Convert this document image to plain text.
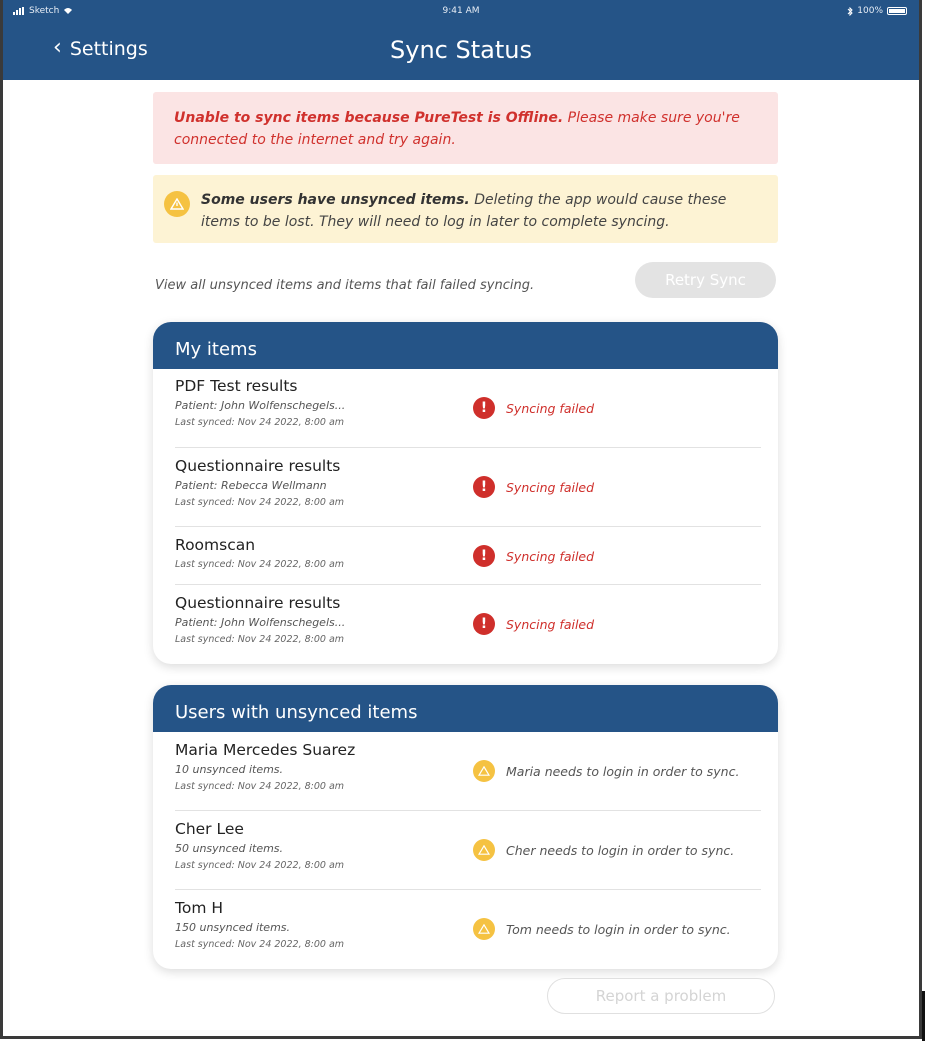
Sketch	9:41 AM	100%
‹ Settings	Sync Status
Unable to sync items because PureTest is Offline. Please make sure you're connected to the internet and try again.
Some users have unsynced items. Deleting the app would cause these items to be lost. They will need to log in later to complete syncing.
View all unsynced items and items that fail failed syncing.	Retry Sync
My items
PDF Test results
Patient: John Wolfenschegels...
Last synced: Nov 24 2022, 8:00 am
!	Syncing failed
Questionnaire results
Patient: Rebecca Wellmann
Last synced: Nov 24 2022, 8:00 am
!	Syncing failed
Roomscan
Last synced: Nov 24 2022, 8:00 am
!	Syncing failed
Questionnaire results
Patient: John Wolfenschegels...
Last synced: Nov 24 2022, 8:00 am
!	Syncing failed
Users with unsynced items
Maria Mercedes Suarez
10 unsynced items.
Last synced: Nov 24 2022, 8:00 am
Maria needs to login in order to sync.
Cher Lee
50 unsynced items.
Last synced: Nov 24 2022, 8:00 am
Cher needs to login in order to sync.
Tom H
150 unsynced items.
Last synced: Nov 24 2022, 8:00 am
Tom needs to login in order to sync.
Report a problem
